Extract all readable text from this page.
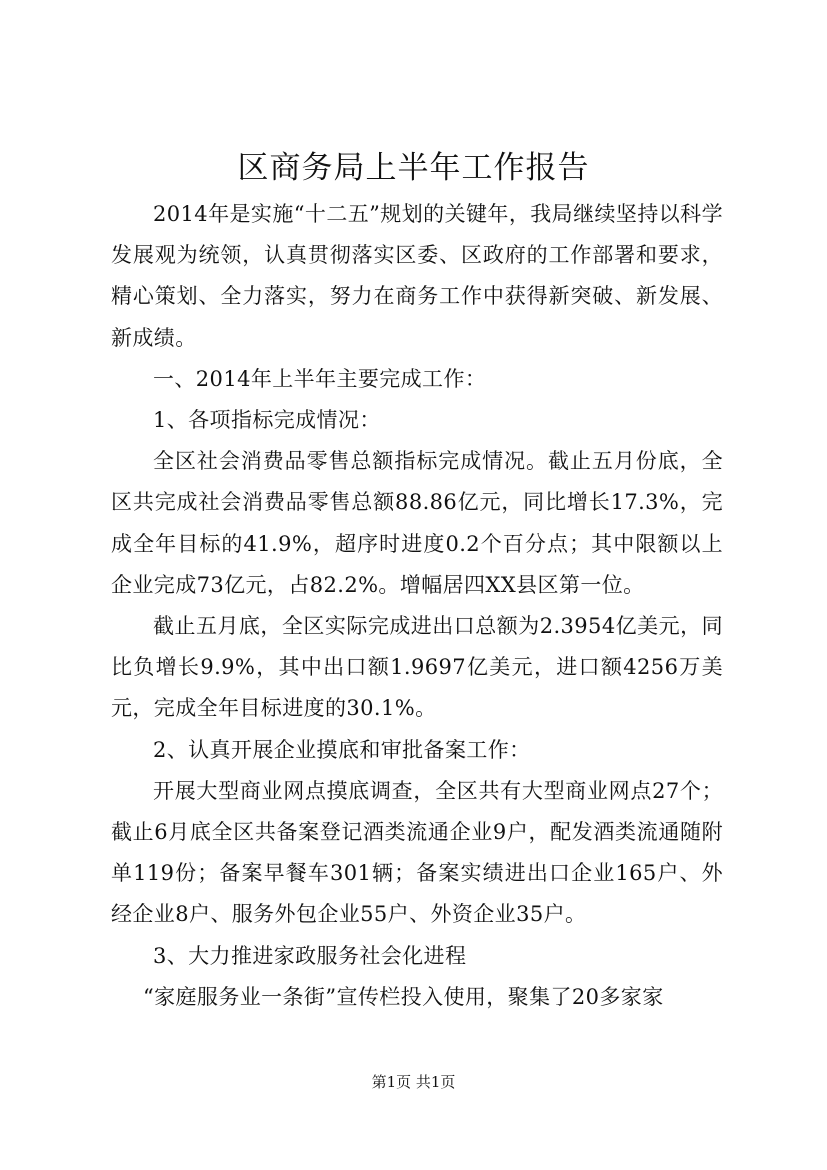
区商务局上半年工作报告

2014年是实施“十二五”规划的关键年，我局继续坚持以科学发展观为统领，认真贯彻落实区委、区政府的工作部署和要求，精心策划、全力落实，努力在商务工作中获得新突破、新发展、新成绩。

一、2014年上半年主要完成工作：

1、各项指标完成情况：

全区社会消费品零售总额指标完成情况。截止五月份底，全区共完成社会消费品零售总额88.86亿元，同比增长17.3%，完成全年目标的41.9%，超序时进度0.2个百分点；其中限额以上企业完成73亿元，占82.2%。增幅居四XX县区第一位。

截止五月底，全区实际完成进出口总额为2.3954亿美元，同比负增长9.9%，其中出口额1.9697亿美元，进口额4256万美元，完成全年目标进度的30.1%。

2、认真开展企业摸底和审批备案工作：

开展大型商业网点摸底调查，全区共有大型商业网点27个；截止6月底全区共备案登记酒类流通企业9户，配发酒类流通随附单119份；备案早餐车301辆；备案实绩进出口企业165户、外经企业8户、服务外包企业55户、外资企业35户。

3、大力推进家政服务社会化进程

“家庭服务业一条街”宣传栏投入使用，聚集了20多家家

第1页 共1页
